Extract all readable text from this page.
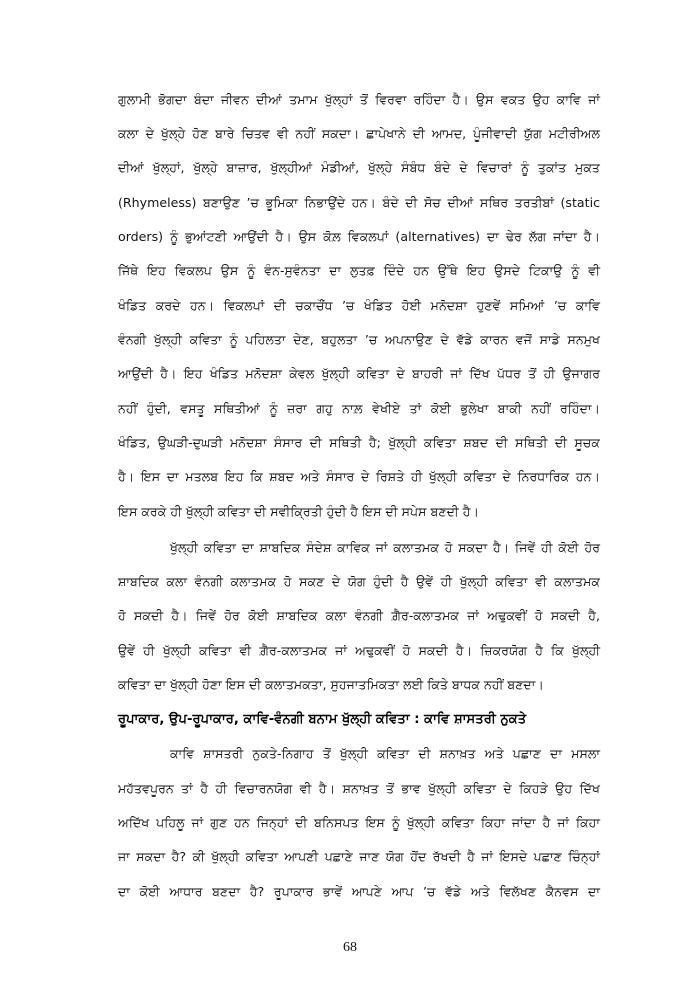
ਗੁਲਾਮੀ ਭੋਗਦਾ ਬੰਦਾ ਜੀਵਨ ਦੀਆਂ ਤਮਾਮ ਖੁੱਲ੍ਹਾਂ ਤੋਂ ਵਿਰਵਾ ਰਹਿੰਦਾ ਹੈ। ਉਸ ਵਕਤ ਉਹ ਕਾਵਿ ਜਾਂ
ਕਲਾ ਦੇ ਖੁੱਲ੍ਹੇ ਹੋਣ ਬਾਰੇ ਚਿਤਵ ਵੀ ਨਹੀਂ ਸਕਦਾ। ਛਾਪੇਖਾਨੇ ਦੀ ਆਮਦ, ਪੂੰਜੀਵਾਦੀ ਯੁੱਗ ਮਟੀਰੀਅਲ
ਦੀਆਂ ਖੁੱਲ੍ਹਾਂ, ਖੁੱਲ੍ਹੇ ਬਾਜ਼ਾਰ, ਖੁੱਲ੍ਹੀਆਂ ਮੰਡੀਆਂ, ਖੁੱਲ੍ਹੇ ਸੰਬੰਧ ਬੰਦੇ ਦੇ ਵਿਚਾਰਾਂ ਨੂੰ ਤੁਕਾਂਤ ਮੁਕਤ
(Rhymeless) ਬਣਾਉਣ ’ਚ ਭੂਮਿਕਾ ਨਿਭਾਉਂਦੇ ਹਨ। ਬੰਦੇ ਦੀ ਸੋਚ ਦੀਆਂ ਸਥਿਰ ਤਰਤੀਬਾਂ (static
orders) ਨੂੰ ਭੁਆਂਟਣੀ ਆਉਂਦੀ ਹੈ। ਉਸ ਕੋਲ਼ ਵਿਕਲਪਾਂ (alternatives) ਦਾ ਢੇਰ ਲੱਗ ਜਾਂਦਾ ਹੈ।
ਜਿੱਥੇ ਇਹ ਵਿਕਲਪ ਉਸ ਨੂੰ ਵੰਨ-ਸੁਵੰਨਤਾ ਦਾ ਲੁਤਫ਼ ਦਿੰਦੇ ਹਨ ਉੱਥੇ ਇਹ ਉਸਦੇ ਟਿਕਾਉ ਨੂੰ ਵੀ
ਖੰਡਿਤ ਕਰਦੇ ਹਨ। ਵਿਕਲਪਾਂ ਦੀ ਚਕਾਚੌਂਧ ’ਚ ਖੰਡਿਤ ਹੋਈ ਮਨੋਦਸ਼ਾ ਹੁਣਵੇਂ ਸਮਿਆਂ ’ਚ ਕਾਵਿ
ਵੰਨਗੀ ਖੁੱਲ੍ਹੀ ਕਵਿਤਾ ਨੂੰ ਪਹਿਲਤਾ ਦੇਣ, ਬਹੁਲਤਾ ’ਚ ਅਪਨਾਉਣ ਦੇ ਵੱਡੇ ਕਾਰਨ ਵਜੋਂ ਸਾਡੇ ਸਨਮੁਖ
ਆਉਂਦੀ ਹੈ। ਇਹ ਖੰਡਿਤ ਮਨੋਦਸ਼ਾ ਕੇਵਲ ਖੁੱਲ੍ਹੀ ਕਵਿਤਾ ਦੇ ਬਾਹਰੀ ਜਾਂ ਦਿੱਖ ਪੱਧਰ ਤੋਂ ਹੀ ਉਜਾਗਰ
ਨਹੀਂ ਹੁੰਦੀ, ਵਸਤੂ ਸਥਿਤੀਆਂ ਨੂੰ ਜ਼ਰਾ ਗਹੁ ਨਾਲ਼ ਵੇਖੀਏ ਤਾਂ ਕੋਈ ਭੁਲੇਖਾ ਬਾਕੀ ਨਹੀਂ ਰਹਿੰਦਾ।
ਖੰਡਿਤ, ਉਘੜੀ-ਦੁਘੜੀ ਮਨੋਦਸ਼ਾ ਸੰਸਾਰ ਦੀ ਸਥਿਤੀ ਹੈ; ਖੁੱਲ੍ਹੀ ਕਵਿਤਾ ਸ਼ਬਦ ਦੀ ਸਥਿਤੀ ਦੀ ਸੂਚਕ
ਹੈ। ਇਸ ਦਾ ਮਤਲਬ ਇਹ ਕਿ ਸ਼ਬਦ ਅਤੇ ਸੰਸਾਰ ਦੇ ਰਿਸ਼ਤੇ ਹੀ ਖੁੱਲ੍ਹੀ ਕਵਿਤਾ ਦੇ ਨਿਰਧਾਰਿਕ ਹਨ।
ਇਸ ਕਰਕੇ ਹੀ ਖੁੱਲ੍ਹੀ ਕਵਿਤਾ ਦੀ ਸਵੀਕ੍ਰਿਤੀ ਹੁੰਦੀ ਹੈ ਇਸ ਦੀ ਸਪੇਸ ਬਣਦੀ ਹੈ।
ਖੁੱਲ੍ਹੀ ਕਵਿਤਾ ਦਾ ਸ਼ਾਬਦਿਕ ਸੰਦੇਸ਼ ਕਾਵਿਕ ਜਾਂ ਕਲਾਤਮਕ ਹੋ ਸਕਦਾ ਹੈ। ਜਿਵੇਂ ਹੀ ਕੋਈ ਹੋਰ
ਸ਼ਾਬਦਿਕ ਕਲਾ ਵੰਨਗੀ ਕਲਾਤਮਕ ਹੋ ਸਕਣ ਦੇ ਯੋਗ ਹੁੰਦੀ ਹੈ ਉਵੇਂ ਹੀ ਖੁੱਲ੍ਹੀ ਕਵਿਤਾ ਵੀ ਕਲਾਤਮਕ
ਹੋ ਸਕਦੀ ਹੈ। ਜਿਵੇਂ ਹੋਰ ਕੋਈ ਸ਼ਾਬਦਿਕ ਕਲਾ ਵੰਨਗੀ ਗ਼ੈਰ-ਕਲਾਤਮਕ ਜਾਂ ਅਢੁਕਵੀਂ ਹੋ ਸਕਦੀ ਹੈ,
ਉਵੇਂ ਹੀ ਖੁੱਲ੍ਹੀ ਕਵਿਤਾ ਵੀ ਗ਼ੈਰ-ਕਲਾਤਮਕ ਜਾਂ ਅਢੁਕਵੀਂ ਹੋ ਸਕਦੀ ਹੈ। ਜ਼ਿਕਰਯੋਗ ਹੈ ਕਿ ਖੁੱਲ੍ਹੀ
ਕਵਿਤਾ ਦਾ ਖੁੱਲ੍ਹੀ ਹੋਣਾ ਇਸ ਦੀ ਕਲਾਤਮਕਤਾ, ਸੁਹਜਾਤਮਿਕਤਾ ਲਈ ਕਿਤੇ ਬਾਧਕ ਨਹੀਂ ਬਣਦਾ।
ਰੂਪਾਕਾਰ, ਉਪ-ਰੂਪਾਕਾਰ, ਕਾਵਿ-ਵੰਨਗੀ ਬਨਾਮ ਖੁੱਲ੍ਹੀ ਕਵਿਤਾ : ਕਾਵਿ ਸ਼ਾਸਤਰੀ ਨੁਕਤੇ
ਕਾਵਿ ਸ਼ਾਸਤਰੀ ਨੁਕਤੇ-ਨਿਗਾਹ ਤੋਂ ਖੁੱਲ੍ਹੀ ਕਵਿਤਾ ਦੀ ਸ਼ਨਾਖ਼ਤ ਅਤੇ ਪਛਾਣ ਦਾ ਮਸਲਾ
ਮਹੱਤਵਪੂਰਨ ਤਾਂ ਹੈ ਹੀ ਵਿਚਾਰਨਯੋਗ ਵੀ ਹੈ। ਸ਼ਨਾਖ਼ਤ ਤੋਂ ਭਾਵ ਖੁੱਲ੍ਹੀ ਕਵਿਤਾ ਦੇ ਕਿਹੜੇ ਉਹ ਦਿੱਖ
ਅਦਿੱਖ ਪਹਿਲੂ ਜਾਂ ਗੁਣ ਹਨ ਜਿਨ੍ਹਾਂ ਦੀ ਬਨਿਸਪਤ ਇਸ ਨੂੰ ਖੁੱਲ੍ਹੀ ਕਵਿਤਾ ਕਿਹਾ ਜਾਂਦਾ ਹੈ ਜਾਂ ਕਿਹਾ
ਜਾ ਸਕਦਾ ਹੈ? ਕੀ ਖੁੱਲ੍ਹੀ ਕਵਿਤਾ ਆਪਣੀ ਪਛਾਣੇ ਜਾਣ ਯੋਗ ਹੋਂਦ ਰੱਖਦੀ ਹੈ ਜਾਂ ਇਸਦੇ ਪਛਾਣ ਚਿੰਨ੍ਹਾਂ
ਦਾ ਕੋਈ ਆਧਾਰ ਬਣਦਾ ਹੈ? ਰੂਪਾਕਾਰ ਭਾਵੇਂ ਆਪਣੇ ਆਪ ’ਚ ਵੱਡੇ ਅਤੇ ਵਿਲੱਖਣ ਕੈਨਵਸ ਦਾ
68
